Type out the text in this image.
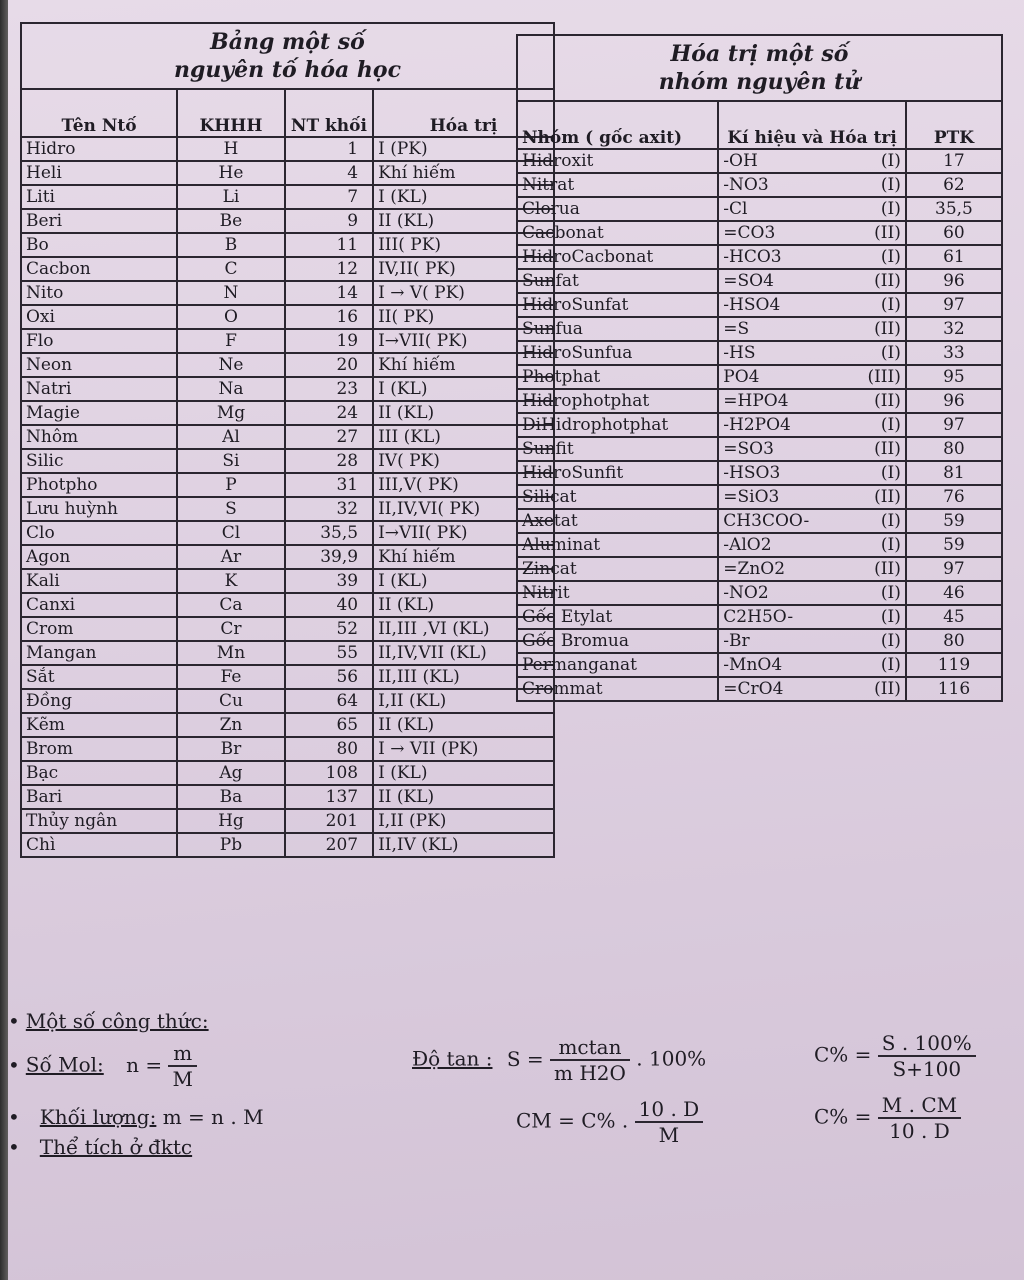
Bảng một số
nguyên tố hóa học			

Tên Ntố	KHHH	NT khối	Hóa trị
Hidro	H	1	I (PK)
Heli	He	4	Khí hiếm
Liti	Li	7	I (KL)
Beri	Be	9	II (KL)
Bo	B	11	III( PK)
Cacbon	C	12	IV,II( PK)
Nito	N	14	I → V( PK)
Oxi	O	16	II( PK)
Flo	F	19	I→VII( PK)
Neon	Ne	20	Khí hiếm
Natri	Na	23	I (KL)
Magie	Mg	24	II (KL)
Nhôm	Al	27	III (KL)
Silic	Si	28	IV( PK)
Photpho	P	31	III,V( PK)
Lưu huỳnh	S	32	II,IV,VI( PK)
Clo	Cl	35,5	I→VII( PK)
Agon	Ar	39,9	Khí hiếm
Kali	K	39	I (KL)
Canxi	Ca	40	II (KL)
Crom	Cr	52	II,III ,VI (KL)
Mangan	Mn	55	II,IV,VII (KL)
Sắt	Fe	56	II,III (KL)
Đồng	Cu	64	I,II (KL)
Kẽm	Zn	65	II (KL)
Brom	Br	80	I → VII (PK)
Bạc	Ag	108	I (KL)
Bari	Ba	137	II (KL)
Thủy ngân	Hg	201	I,II (PK)
Chì	Pb	207	II,IV (KL)
Hóa trị một số
nhóm nguyên tử		

Nhóm ( gốc axit)	Kí hiệu và Hóa trị	PTK
Hidroxit	-OH (I)	17
Nitrat	-NO3 (I)	62
Clorua	-Cl (I)	35,5
Cacbonat	=CO3 (II)	60
HidroCacbonat	-HCO3 (I)	61
Sunfat	=SO4 (II)	96
HidroSunfat	-HSO4 (I)	97
Sunfua	=S (II)	32
HidroSunfua	-HS (I)	33
Photphat	PO4 (III)	95
Hidrophotphat	=HPO4 (II)	96
DiHidrophotphat	-H2PO4 (I)	97
Sunfit	=SO3 (II)	80
HidroSunfit	-HSO3 (I)	81
Silicat	=SiO3 (II)	76
Axetat	CH3COO- (I)	59
Aluminat	-AlO2 (I)	59
Zincat	=ZnO2 (II)	97
Nitrit	-NO2 (I)	46
Gốc Etylat	C2H5O- (I)	45
Gốc Bromua	-Br (I)	80
Permanganat	-MnO4 (I)	119
Crommat	=CrO4 (II)	116
• Một số công thức:
• Số Mol: $n = \frac{m}{M}$
• Khối lượng: m = n . M
• Thể tích ở đktc
Độ tan : $S = \frac{mctan}{\text{m H2O}}$ . 100%
CM = C% . $\frac{10 . D}{M}$
$C\% = \frac{S . 100\%}{S+100}$
$C\% = \frac{M . CM}{10 . D}$
